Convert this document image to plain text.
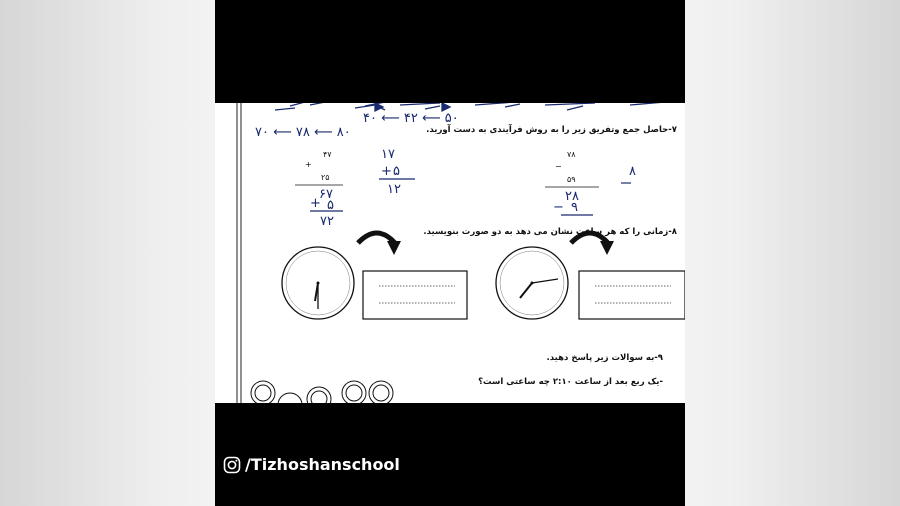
۴۰ ⟵ ۴۲ ⟵ ۵۰
۷۰ ⟵ ۷۸ ⟵ ۸۰
۴۷
+
۲۵
۶۷
+ ۵
۷۲
۱۷
+ ۵
۱۲
۷۸
−
۵۹
۲۸
− ۹
۸
۷-حاصل جمع وتفریق زیر را به روش فرآیندی به دست آورید.
۸-زمانی را که هر ساعت نشان می دهد به دو صورت بنویسید.
۹-به سوالات زیر پاسخ دهید.
-یک ربع بعد از ساعت ۲:۱۰ چه ساعتی است؟
/Tizhoshanschool
